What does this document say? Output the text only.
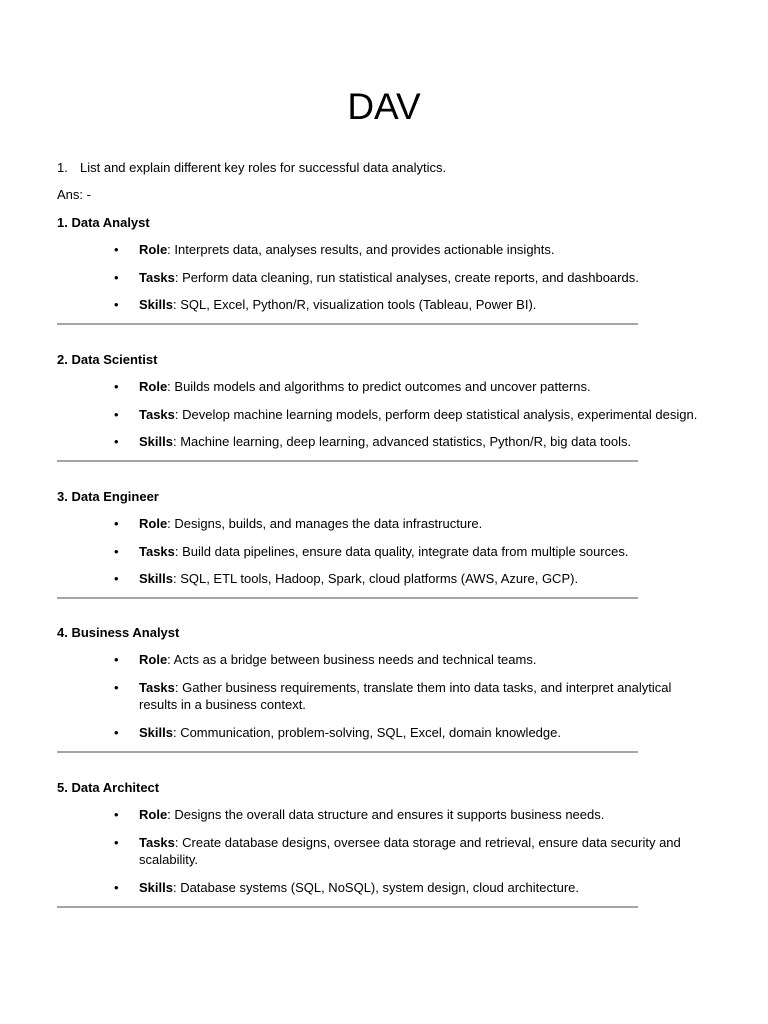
DAV
1. List and explain different key roles for successful data analytics.
Ans: -

1. Data Analyst

• Role: Interprets data, analyses results, and provides actionable insights.
• Tasks: Perform data cleaning, run statistical analyses, create reports, and dashboards.
• Skills: SQL, Excel, Python/R, visualization tools (Tableau, Power BI).

2. Data Scientist

• Role: Builds models and algorithms to predict outcomes and uncover patterns.
• Tasks: Develop machine learning models, perform deep statistical analysis, experimental design.
• Skills: Machine learning, deep learning, advanced statistics, Python/R, big data tools.

3. Data Engineer

• Role: Designs, builds, and manages the data infrastructure.
• Tasks: Build data pipelines, ensure data quality, integrate data from multiple sources.
• Skills: SQL, ETL tools, Hadoop, Spark, cloud platforms (AWS, Azure, GCP).

4. Business Analyst

• Role: Acts as a bridge between business needs and technical teams.
• Tasks: Gather business requirements, translate them into data tasks, and interpret analytical results in a business context.
• Skills: Communication, problem-solving, SQL, Excel, domain knowledge.

5. Data Architect

• Role: Designs the overall data structure and ensures it supports business needs.
• Tasks: Create database designs, oversee data storage and retrieval, ensure data security and scalability.
• Skills: Database systems (SQL, NoSQL), system design, cloud architecture.
